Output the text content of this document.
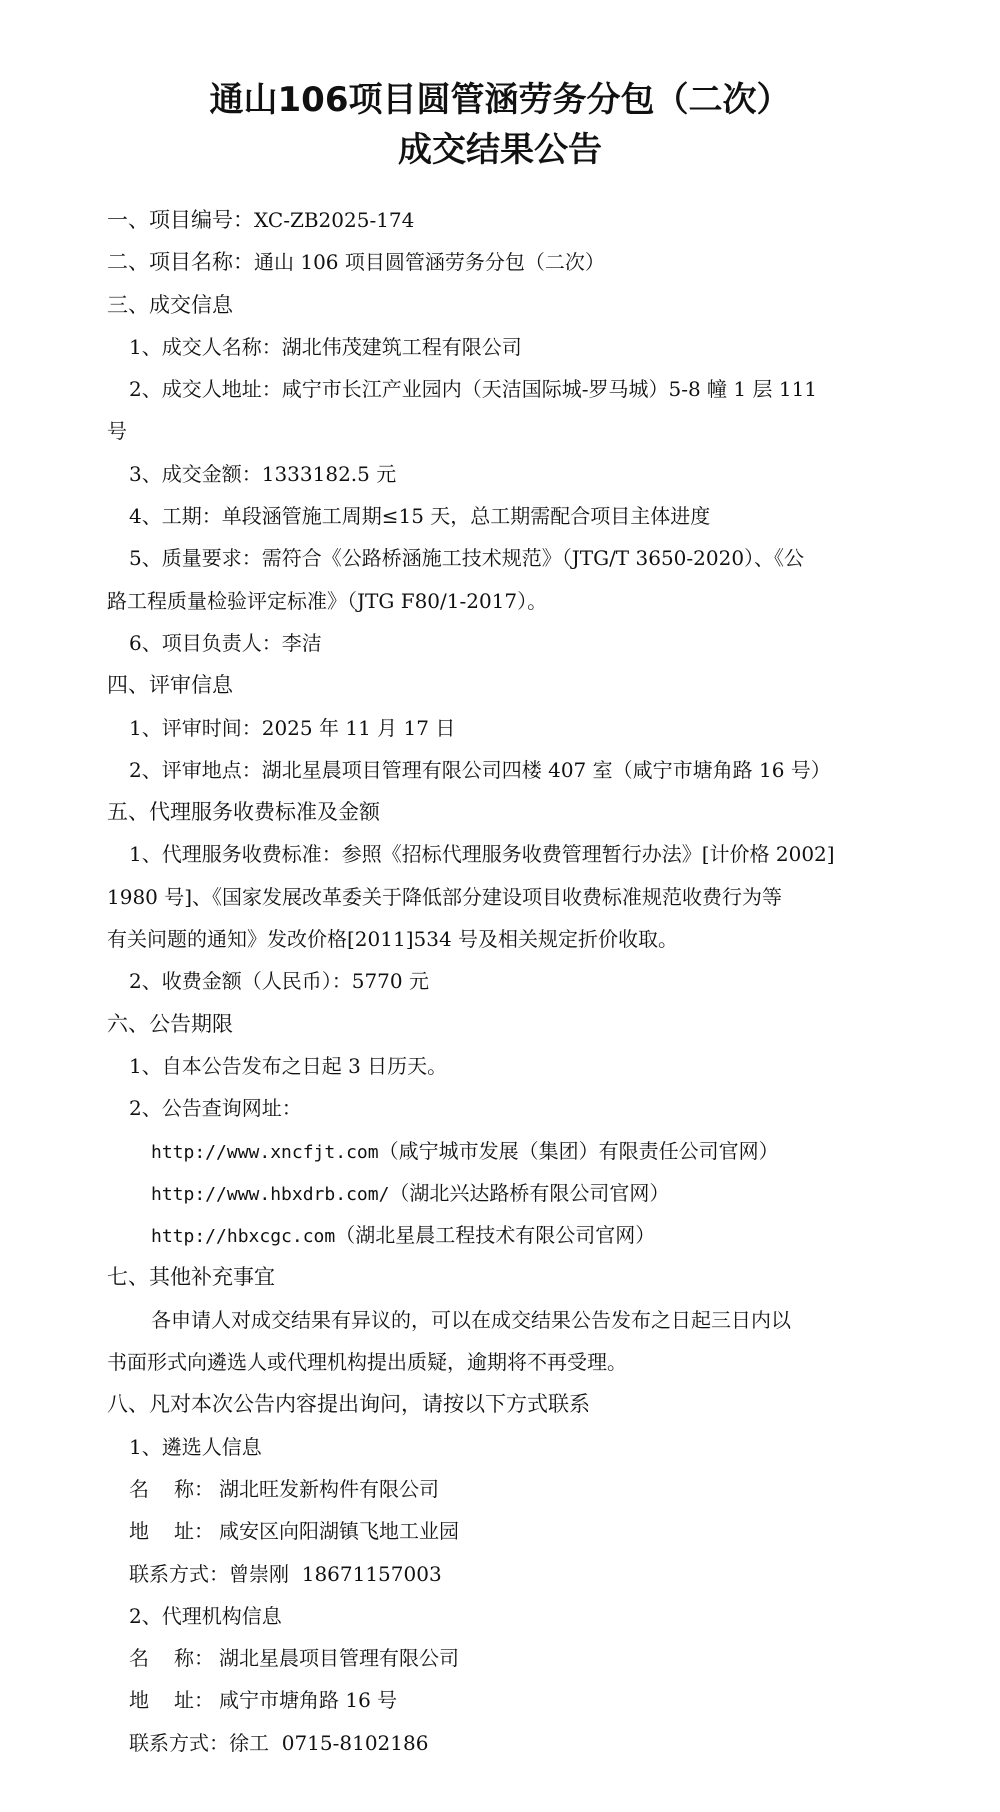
通山106项目圆管涵劳务分包（二次）
成交结果公告
一、项目编号：XC-ZB2025-174
二、项目名称：通山 106 项目圆管涵劳务分包（二次）
三、成交信息
1、成交人名称：湖北伟茂建筑工程有限公司
2、成交人地址：咸宁市长江产业园内（天洁国际城-罗马城）5-8 幢 1 层 111
号
3、成交金额：1333182.5 元
4、工期：单段涵管施工周期≤15 天，总工期需配合项目主体进度
5、质量要求：需符合《公路桥涵施工技术规范》（JTG/T 3650-2020）、《公
路工程质量检验评定标准》（JTG F80/1-2017）。
6、项目负责人：李洁
四、评审信息
1、评审时间：2025 年 11 月 17 日
2、评审地点：湖北星晨项目管理有限公司四楼 407 室（咸宁市塘角路 16 号）
五、代理服务收费标准及金额
1、代理服务收费标准：参照《招标代理服务收费管理暂行办法》[计价格 2002]
1980 号]、《国家发展改革委关于降低部分建设项目收费标准规范收费行为等
有关问题的通知》发改价格[2011]534 号及相关规定折价收取。
2、收费金额（人民币）：5770 元
六、公告期限
1、自本公告发布之日起 3 日历天。
2、公告查询网址：
http://www.xncfjt.com（咸宁城市发展（集团）有限责任公司官网）
http://www.hbxdrb.com/（湖北兴达路桥有限公司官网）
http://hbxcgc.com（湖北星晨工程技术有限公司官网）
七、其他补充事宜
各申请人对成交结果有异议的，可以在成交结果公告发布之日起三日内以
书面形式向遴选人或代理机构提出质疑，逾期将不再受理。
八、凡对本次公告内容提出询问，请按以下方式联系
1、遴选人信息
名 称： 湖北旺发新构件有限公司
地 址： 咸安区向阳湖镇飞地工业园
联系方式：曾崇刚  18671157003
2、代理机构信息
名 称： 湖北星晨项目管理有限公司
地 址： 咸宁市塘角路 16 号
联系方式：徐工  0715-8102186
